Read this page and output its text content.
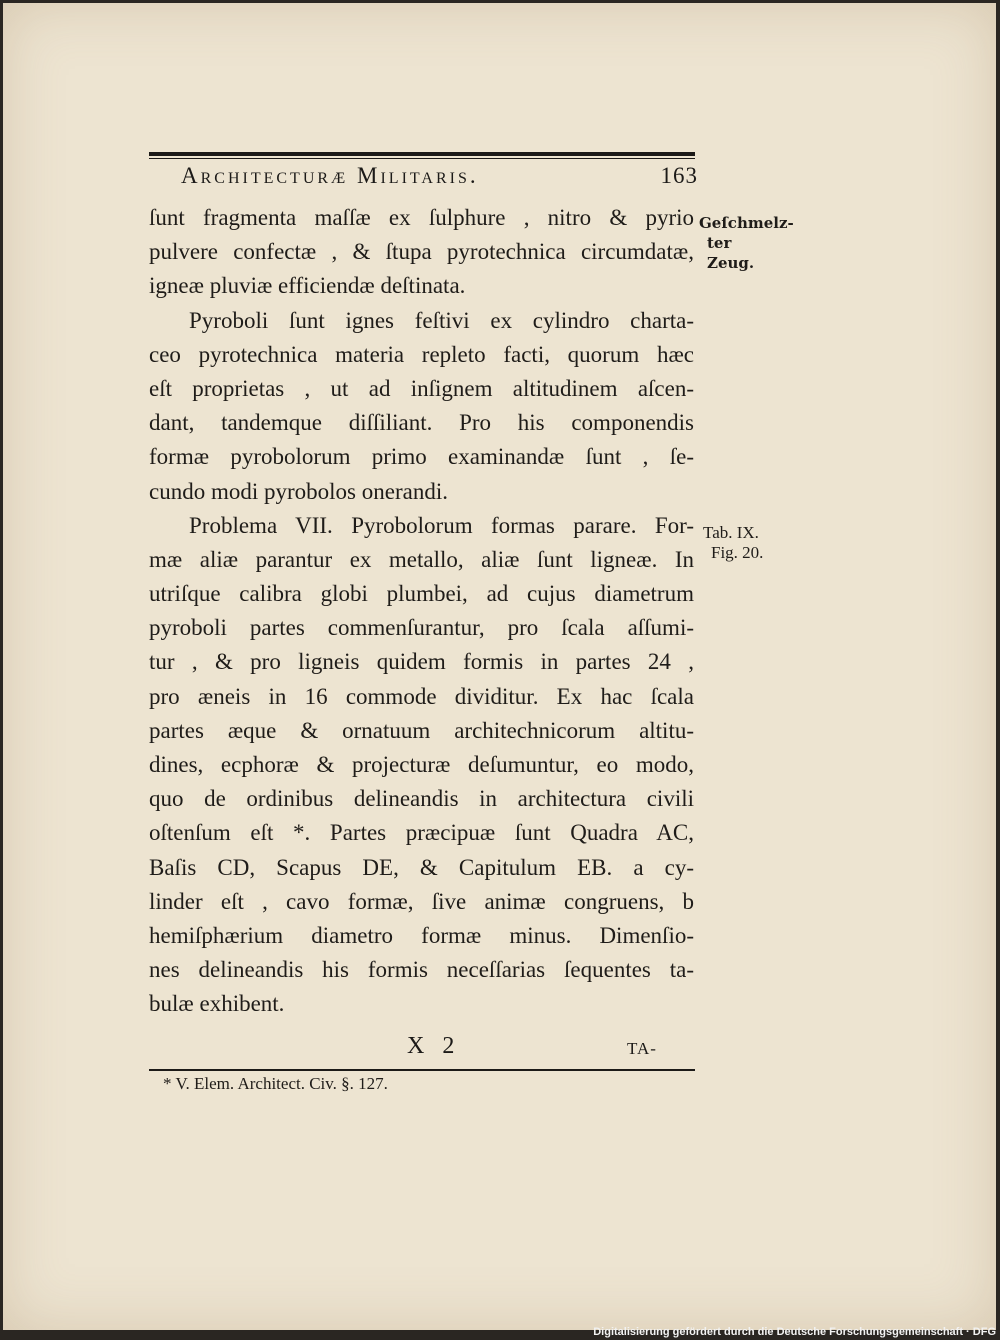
Architecturæ Militaris.	163
ſunt fragmenta maſſæ ex ſulphure , nitro & pyrio
pulvere confectæ , & ſtupa pyrotechnica circumdatæ,
igneæ pluviæ efficiendæ deſtinata.
Pyroboli ſunt ignes feſtivi ex cylindro charta-
ceo pyrotechnica materia repleto facti, quorum hæc
eſt proprietas , ut ad inſignem altitudinem aſcen-
dant, tandemque diſſiliant. Pro his componendis
formæ pyrobolorum primo examinandæ ſunt , ſe-
cundo modi pyrobolos onerandi.
Problema VII. Pyrobolorum formas parare. For-
mæ aliæ parantur ex metallo, aliæ ſunt ligneæ. In
utriſque calibra globi plumbei, ad cujus diametrum
pyroboli partes commenſurantur, pro ſcala aſſumi-
tur , & pro ligneis quidem formis in partes 24 ,
pro æneis in 16 commode dividitur. Ex hac ſcala
partes æque & ornatuum architechnicorum altitu-
dines, ecphoræ & projecturæ deſumuntur, eo modo,
quo de ordinibus delineandis in architectura civili
oſtenſum eſt *. Partes præcipuæ ſunt Quadra AC,
Baſis CD, Scapus DE, & Capitulum EB. a cy-
linder eſt , cavo formæ, ſive animæ congruens, b
hemiſphærium diametro formæ minus. Dimenſio-
nes delineandis his formis neceſſarias ſequentes ta-
bulæ exhibent.
Geſchmelz-
ter Zeug.
Tab. IX.
Fig. 20.
X 2	TA-
* V. Elem. Architect. Civ. §. 127.
Digitalisierung gefördert durch die Deutsche Forschungsgemeinschaft · DFG
